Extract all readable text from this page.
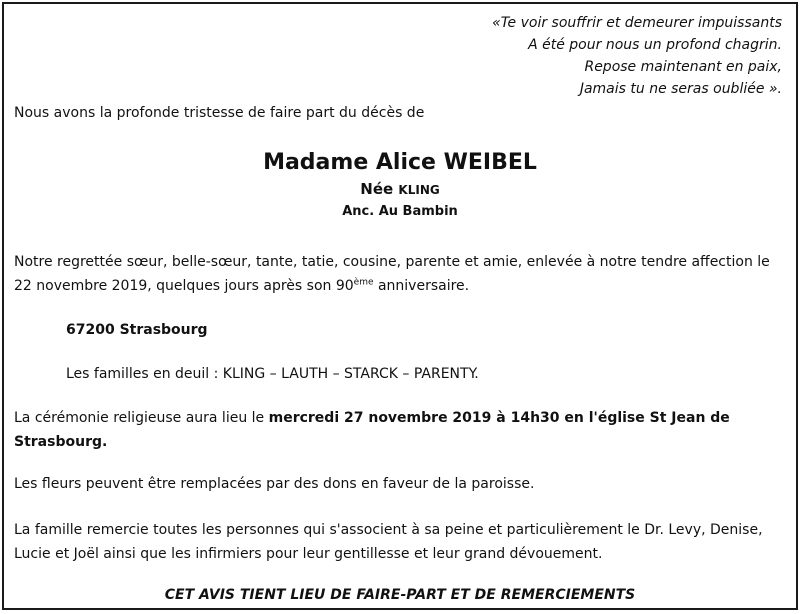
«Te voir souffrir et demeurer impuissants
A été pour nous un profond chagrin.
Repose maintenant en paix,
Jamais tu ne seras oubliée ».
Nous avons la profonde tristesse de faire part du décès de
Madame Alice WEIBEL
Née KLING
Anc. Au Bambin
Notre regrettée sœur, belle-sœur, tante, tatie, cousine, parente et amie, enlevée à notre tendre affection le 22 novembre 2019, quelques jours après son 90ème anniversaire.
67200 Strasbourg
Les familles en deuil : KLING – LAUTH – STARCK – PARENTY.
La cérémonie religieuse aura lieu le mercredi 27 novembre 2019 à 14h30 en l'église St Jean de Strasbourg.
Les fleurs peuvent être remplacées par des dons en faveur de la paroisse.
La famille remercie toutes les personnes qui s'associent à sa peine et particulièrement le Dr. Levy, Denise, Lucie et Joël ainsi que les infirmiers pour leur gentillesse et leur grand dévouement.
CET AVIS TIENT LIEU DE FAIRE-PART ET DE REMERCIEMENTS
